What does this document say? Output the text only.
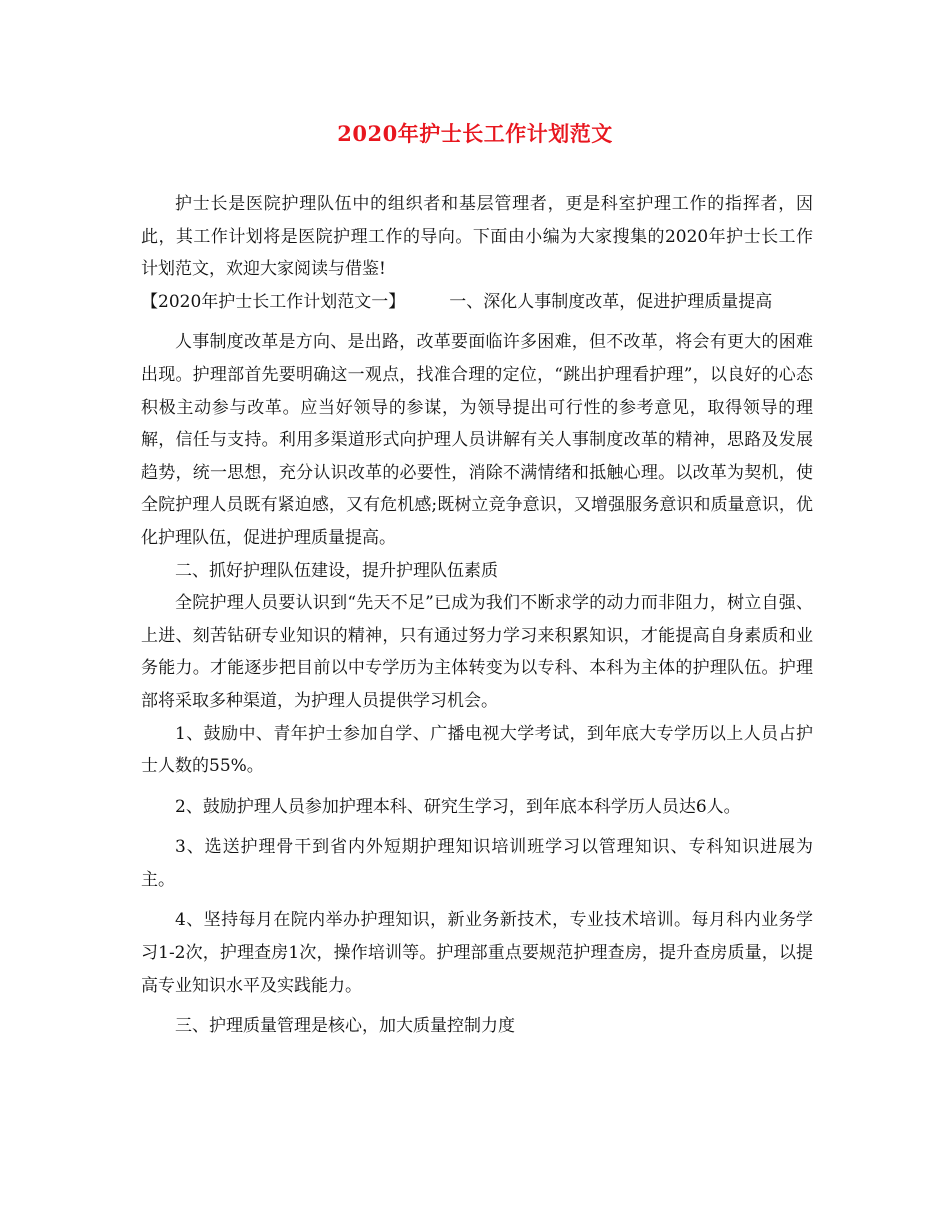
2020年护士长工作计划范文

护士长是医院护理队伍中的组织者和基层管理者，更是科室护理工作的指挥者，因此，其工作计划将是医院护理工作的导向。下面由小编为大家搜集的2020年护士长工作计划范文，欢迎大家阅读与借鉴!

【2020年护士长工作计划范文一】	一、深化人事制度改革，促进护理质量提高

人事制度改革是方向、是出路，改革要面临许多困难，但不改革，将会有更大的困难出现。护理部首先要明确这一观点，找准合理的定位，“跳出护理看护理”，以良好的心态积极主动参与改革。应当好领导的参谋，为领导提出可行性的参考意见，取得领导的理解，信任与支持。利用多渠道形式向护理人员讲解有关人事制度改革的精神，思路及发展趋势，统一思想，充分认识改革的必要性，消除不满情绪和抵触心理。以改革为契机，使全院护理人员既有紧迫感，又有危机感;既树立竞争意识，又增强服务意识和质量意识，优化护理队伍，促进护理质量提高。

二、抓好护理队伍建设，提升护理队伍素质

全院护理人员要认识到“先天不足”已成为我们不断求学的动力而非阻力，树立自强、上进、刻苦钻研专业知识的精神，只有通过努力学习来积累知识，才能提高自身素质和业务能力。才能逐步把目前以中专学历为主体转变为以专科、本科为主体的护理队伍。护理部将采取多种渠道，为护理人员提供学习机会。

1、鼓励中、青年护士参加自学、广播电视大学考试，到年底大专学历以上人员占护士人数的55%。

2、鼓励护理人员参加护理本科、研究生学习，到年底本科学历人员达6人。

3、选送护理骨干到省内外短期护理知识培训班学习以管理知识、专科知识进展为主。

4、坚持每月在院内举办护理知识，新业务新技术，专业技术培训。每月科内业务学习1-2次，护理查房1次，操作培训等。护理部重点要规范护理查房，提升查房质量，以提高专业知识水平及实践能力。

三、护理质量管理是核心，加大质量控制力度
